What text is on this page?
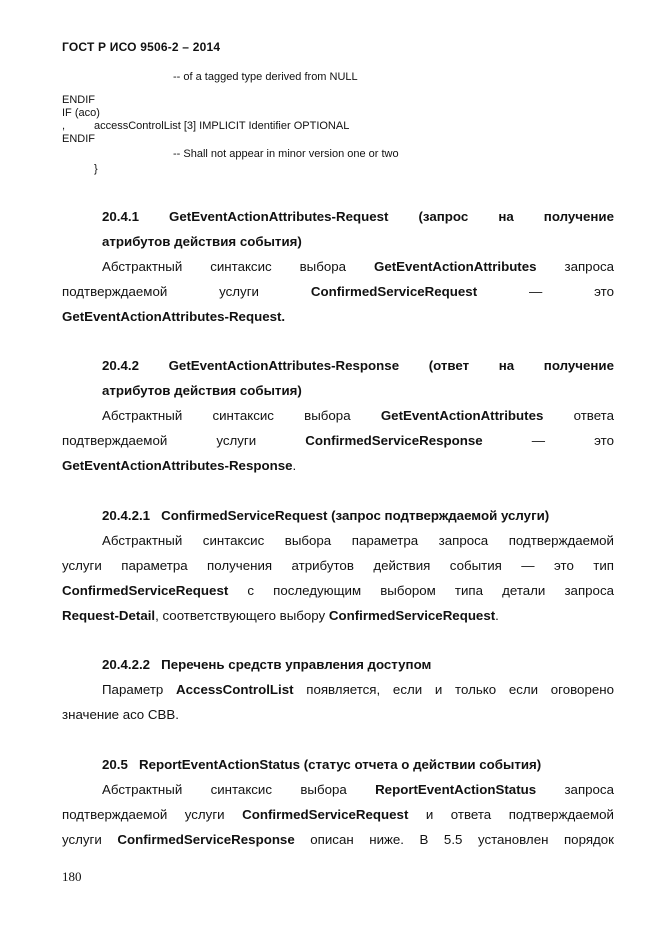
ГОСТ Р ИСО 9506-2 – 2014
-- of a tagged type derived from NULL
ENDIF
IF (aco)
,	accessControlList [3] IMPLICIT Identifier OPTIONAL
ENDIF
-- Shall not appear in minor version one or two
}
20.4.1 GetEventActionAttributes-Request (запрос на получение
атрибутов действия события)
Абстрактный синтаксис выбора GetEventActionAttributes запроса
подтверждаемой	услуги	ConfirmedServiceRequest	—	это
GetEventActionAttributes-Request.
20.4.2 GetEventActionAttributes-Response (ответ на получение
атрибутов действия события)
Абстрактный синтаксис выбора GetEventActionAttributes ответа
подтверждаемой	услуги	ConfirmedServiceResponse	—	это
GetEventActionAttributes-Response.
20.4.2.1   ConfirmedServiceRequest (запрос подтверждаемой услуги)
Абстрактный синтаксис выбора параметра запроса подтверждаемой
услуги параметра получения атрибутов действия события — это тип
ConfirmedServiceRequest с последующим выбором типа детали запроса
Request-Detail, соответствующего выбору ConfirmedServiceRequest.
20.4.2.2   Перечень средств управления доступом
Параметр AccessControlList появляется, если и только если оговорено
значение aco CBB.
20.5   ReportEventActionStatus (статус отчета о действии события)
Абстрактный синтаксис выбора ReportEventActionStatus запроса
подтверждаемой услуги ConfirmedServiceRequest и ответа подтверждаемой
услуги ConfirmedServiceResponse описан ниже. В 5.5 установлен порядок
180
